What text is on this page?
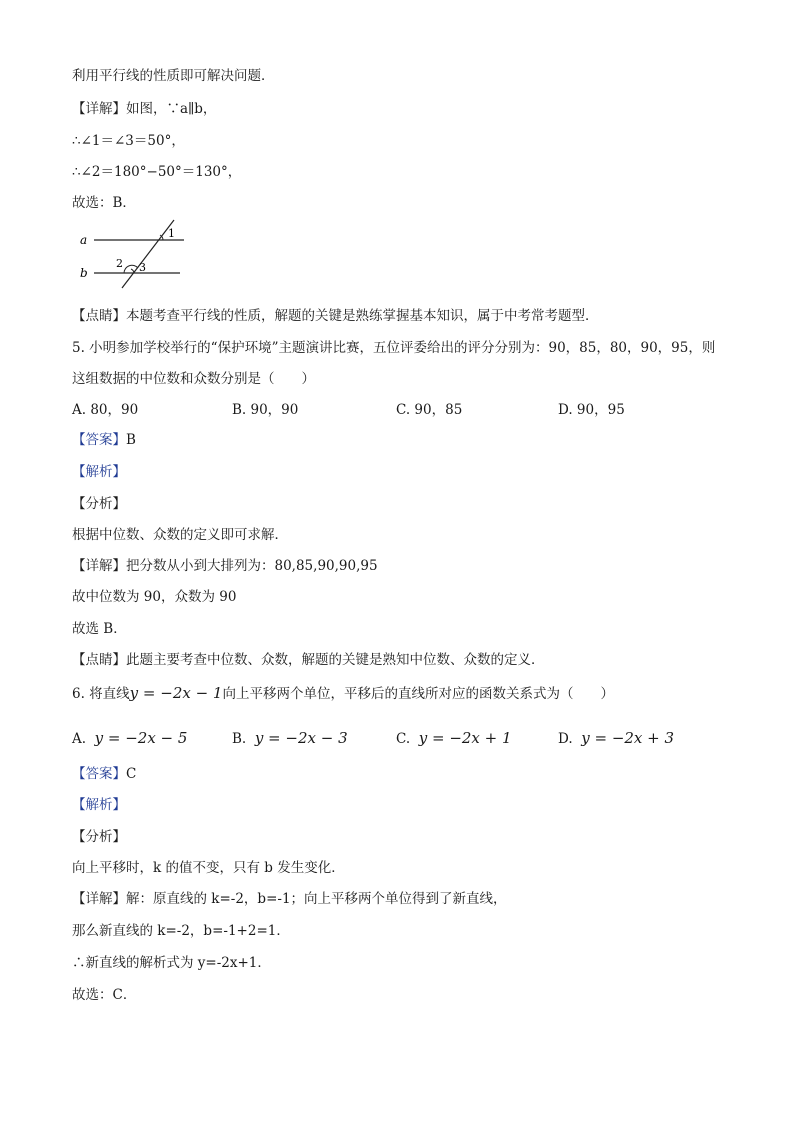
利用平行线的性质即可解决问题．
【详解】如图，∵a∥b，
∴∠1＝∠3＝50°，
∴∠2＝180°−50°＝130°，
故选：B．
a
b
1
2 3
【点睛】本题考查平行线的性质，解题的关键是熟练掌握基本知识，属于中考常考题型．
5. 小明参加学校举行的“保护环境”主题演讲比赛，五位评委给出的评分分别为：90，85，80，90，95，则
这组数据的中位数和众数分别是（　　）
A. 80，90	B. 90，90	C. 90，85	D. 90，95
【答案】B
【解析】
【分析】
根据中位数、众数的定义即可求解．
【详解】把分数从小到大排列为：80,85,90,90,95
故中位数为 90，众数为 90
故选 B．
【点睛】此题主要考查中位数、众数，解题的关键是熟知中位数、众数的定义．
6. 将直线y = −2x − 1向上平移两个单位，平移后的直线所对应的函数关系式为（　　）
A. y = −2x − 5	B. y = −2x − 3	C. y = −2x + 1	D. y = −2x + 3
【答案】C
【解析】
【分析】
向上平移时，k 的值不变，只有 b 发生变化．
【详解】解：原直线的 k=-2，b=-1；向上平移两个单位得到了新直线，
那么新直线的 k=-2，b=-1+2=1．
∴新直线的解析式为 y=-2x+1．
故选：C．
